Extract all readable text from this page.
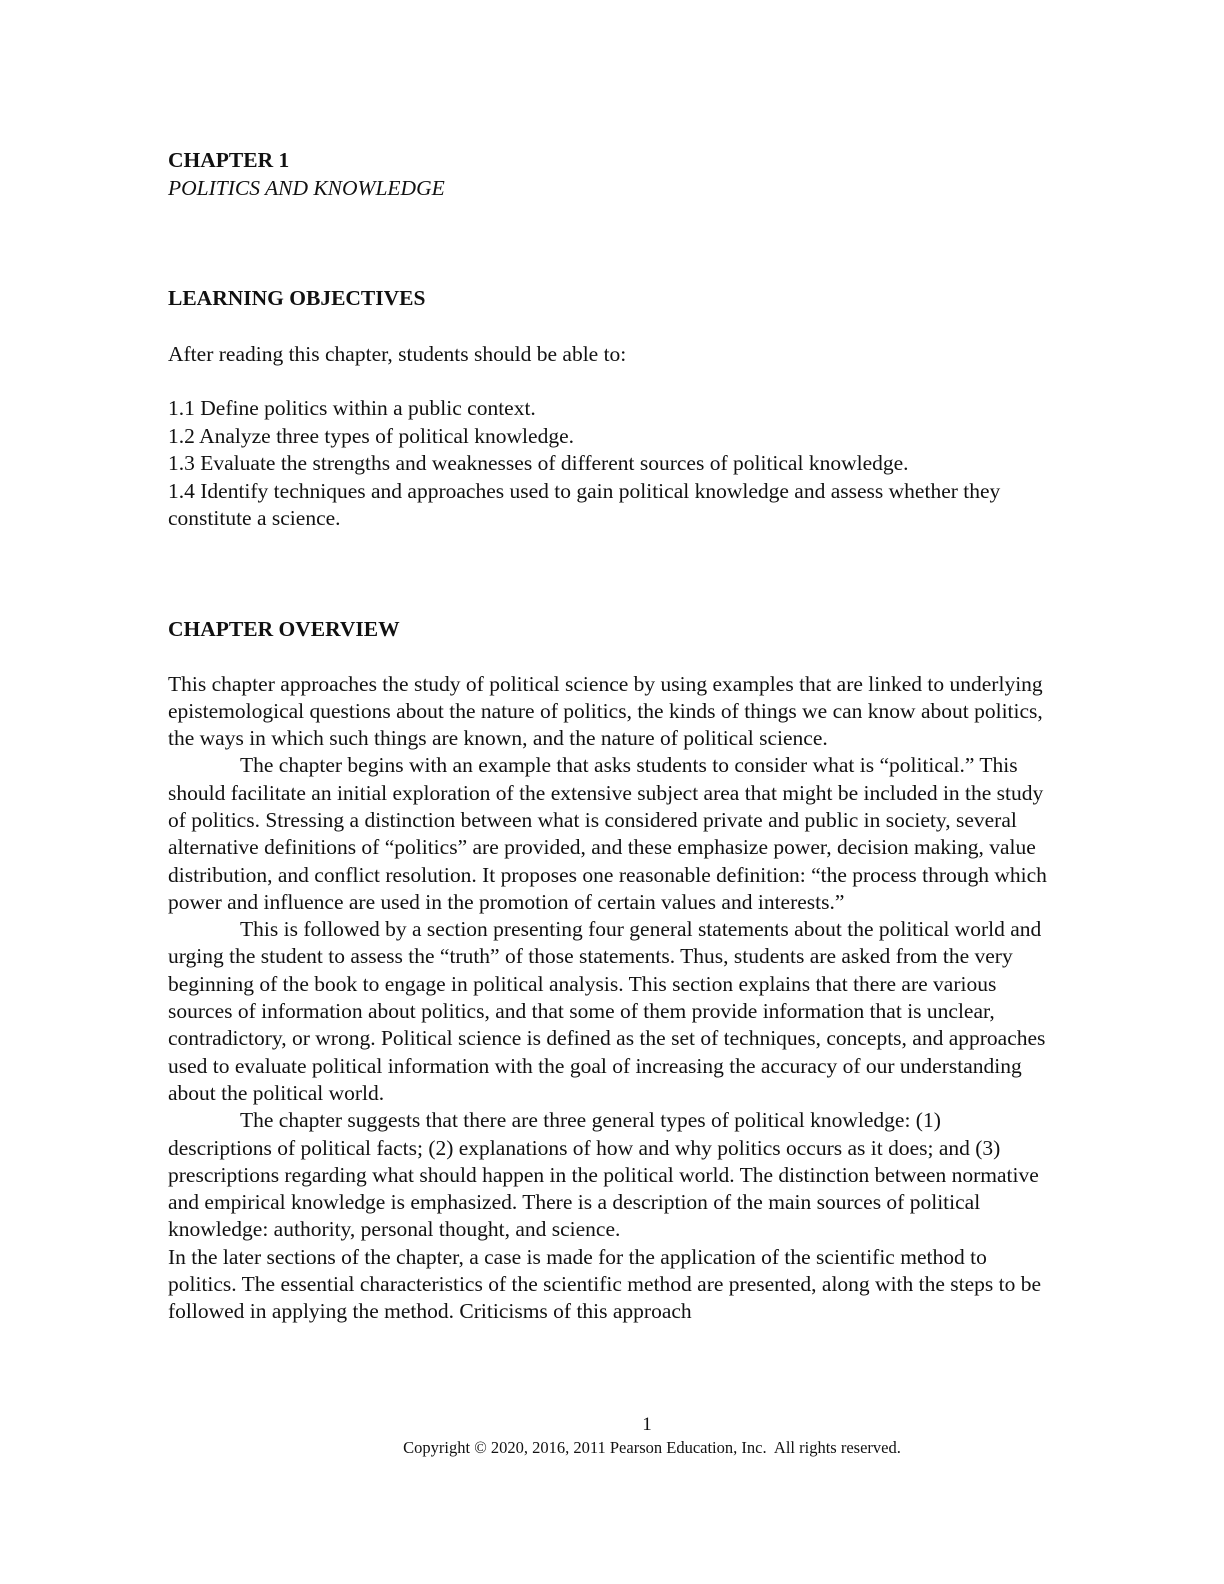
CHAPTER 1

POLITICS AND KNOWLEDGE

LEARNING OBJECTIVES

After reading this chapter, students should be able to:

1.1 Define politics within a public context.
1.2 Analyze three types of political knowledge.
1.3 Evaluate the strengths and weaknesses of different sources of political knowledge.
1.4 Identify techniques and approaches used to gain political knowledge and assess whether they constitute a science.

CHAPTER OVERVIEW

This chapter approaches the study of political science by using examples that are linked to underlying epistemological questions about the nature of politics, the kinds of things we can know about politics, the ways in which such things are known, and the nature of political science.

The chapter begins with an example that asks students to consider what is “political.” This should facilitate an initial exploration of the extensive subject area that might be included in the study of politics. Stressing a distinction between what is considered private and public in society, several alternative definitions of “politics” are provided, and these emphasize power, decision making, value distribution, and conflict resolution. It proposes one reasonable definition: “the process through which power and influence are used in the promotion of certain values and interests.”

This is followed by a section presenting four general statements about the political world and urging the student to assess the “truth” of those statements. Thus, students are asked from the very beginning of the book to engage in political analysis. This section explains that there are various sources of information about politics, and that some of them provide information that is unclear, contradictory, or wrong. Political science is defined as the set of techniques, concepts, and approaches used to evaluate political information with the goal of increasing the accuracy of our understanding about the political world.

The chapter suggests that there are three general types of political knowledge: (1) descriptions of political facts; (2) explanations of how and why politics occurs as it does; and (3) prescriptions regarding what should happen in the political world. The distinction between normative and empirical knowledge is emphasized. There is a description of the main sources of political knowledge: authority, personal thought, and science.

In the later sections of the chapter, a case is made for the application of the scientific method to politics. The essential characteristics of the scientific method are presented, along with the steps to be followed in applying the method. Criticisms of this approach

1
Copyright © 2020, 2016, 2011 Pearson Education, Inc.  All rights reserved.
